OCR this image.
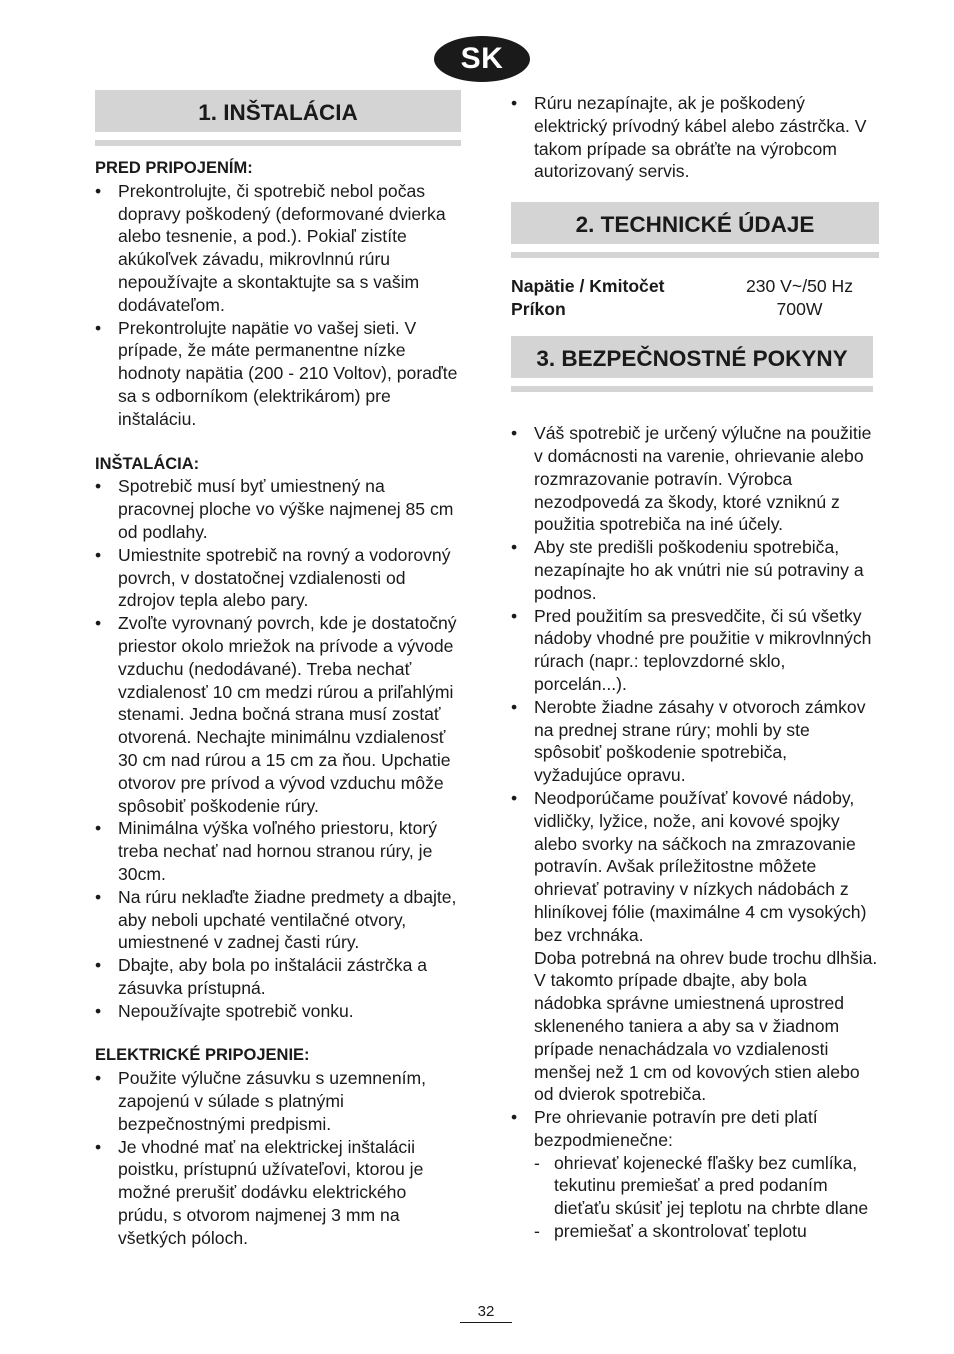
SK
1. INŠTALÁCIA

PRED PRIPOJENÍM:

• Prekontrolujte, či spotrebič nebol počas dopravy poškodený (deformované dvierka alebo tesnenie, a pod.). Pokiaľ zistíte akúkoľvek závadu, mikrovlnnú rúru nepoužívajte a skontaktujte sa s vašim dodávateľom.
• Prekontrolujte napätie vo vašej sieti. V prípade, že máte permanentne nízke hodnoty napätia (200 - 210 Voltov), poraďte sa s odborníkom (elektrikárom) pre inštaláciu.

INŠTALÁCIA:

• Spotrebič musí byť umiestnený na pracovnej ploche vo výške najmenej 85 cm od podlahy.
• Umiestnite spotrebič na rovný a vodorovný povrch, v dostatočnej vzdialenosti od zdrojov tepla alebo pary.
• Zvoľte vyrovnaný povrch, kde je dostatočný priestor okolo mriežok na prívode a vývode vzduchu (nedodávané). Treba nechať vzdialenosť 10 cm medzi rúrou a priľahlými stenami. Jedna bočná strana musí zostať otvorená. Nechajte minimálnu vzdialenosť 30 cm nad rúrou a 15 cm za ňou. Upchatie otvorov pre prívod a vývod vzduchu môže spôsobiť poškodenie rúry.
• Minimálna výška voľného priestoru, ktorý treba nechať nad hornou stranou rúry, je 30cm.
• Na rúru neklaďte žiadne predmety a dbajte, aby neboli upchaté ventilačné otvory, umiestnené v zadnej časti rúry.
• Dbajte, aby bola po inštalácii zástrčka a zásuvka prístupná.
• Nepoužívajte spotrebič vonku.

ELEKTRICKÉ PRIPOJENIE:

• Použite výlučne zásuvku s uzemnením, zapojenú v súlade s platnými bezpečnostnými predpismi.
• Je vhodné mať na elektrickej inštalácii poistku, prístupnú užívateľovi, ktorou je možné prerušiť dodávku elektrického prúdu, s otvorom najmenej 3 mm na všetkých póloch.
• Rúru nezapínajte, ak je poškodený elektrický prívodný kábel alebo zástrčka. V takom prípade sa obráťte na výrobcom autorizovaný servis.
2. TECHNICKÉ ÚDAJE
Napätie / Kmitočet	230 V~/50 Hz
Príkon	700W
3. BEZPEČNOSTNÉ POKYNY
• Váš spotrebič je určený výlučne na použitie v domácnosti na varenie, ohrievanie alebo rozmrazovanie potravín. Výrobca nezodpovedá za škody, ktoré vzniknú z použitia spotrebiča na iné účely.
• Aby ste predišli poškodeniu spotrebiča, nezapínajte ho ak vnútri nie sú potraviny a podnos.
• Pred použitím sa presvedčite, či sú všetky nádoby vhodné pre použitie v mikrovlnných rúrach (napr.: teplovzdorné sklo, porcelán...).
• Nerobte žiadne zásahy v otvoroch zámkov na prednej strane rúry; mohli by ste spôsobiť poškodenie spotrebiča, vyžadujúce opravu.

• Neodporúčame používať kovové nádoby, vidličky, lyžice, nože, ani kovové spojky alebo svorky na sáčkoch na zmrazovanie potravín. Avšak príležitostne môžete ohrievať potraviny v nízkych nádobách z hliníkovej fólie (maximálne 4 cm vysokých) bez vrchnáka.

Doba potrebná na ohrev bude trochu dlhšia. V takomto prípade dbajte, aby bola nádobka správne umiestnená uprostred skleneného taniera a aby sa v žiadnom prípade nenachádzala vo vzdialenosti menšej než 1 cm od kovových stien alebo od dvierok spotrebiča.

• Pre ohrievanie potravín pre deti platí bezpodmienečne:

- ohrievať kojenecké fľašky bez cumlíka, tekutinu premiešať a pred podaním dieťaťu skúsiť jej teplotu na chrbte dlane
- premiešať a skontrolovať teplotu
32
